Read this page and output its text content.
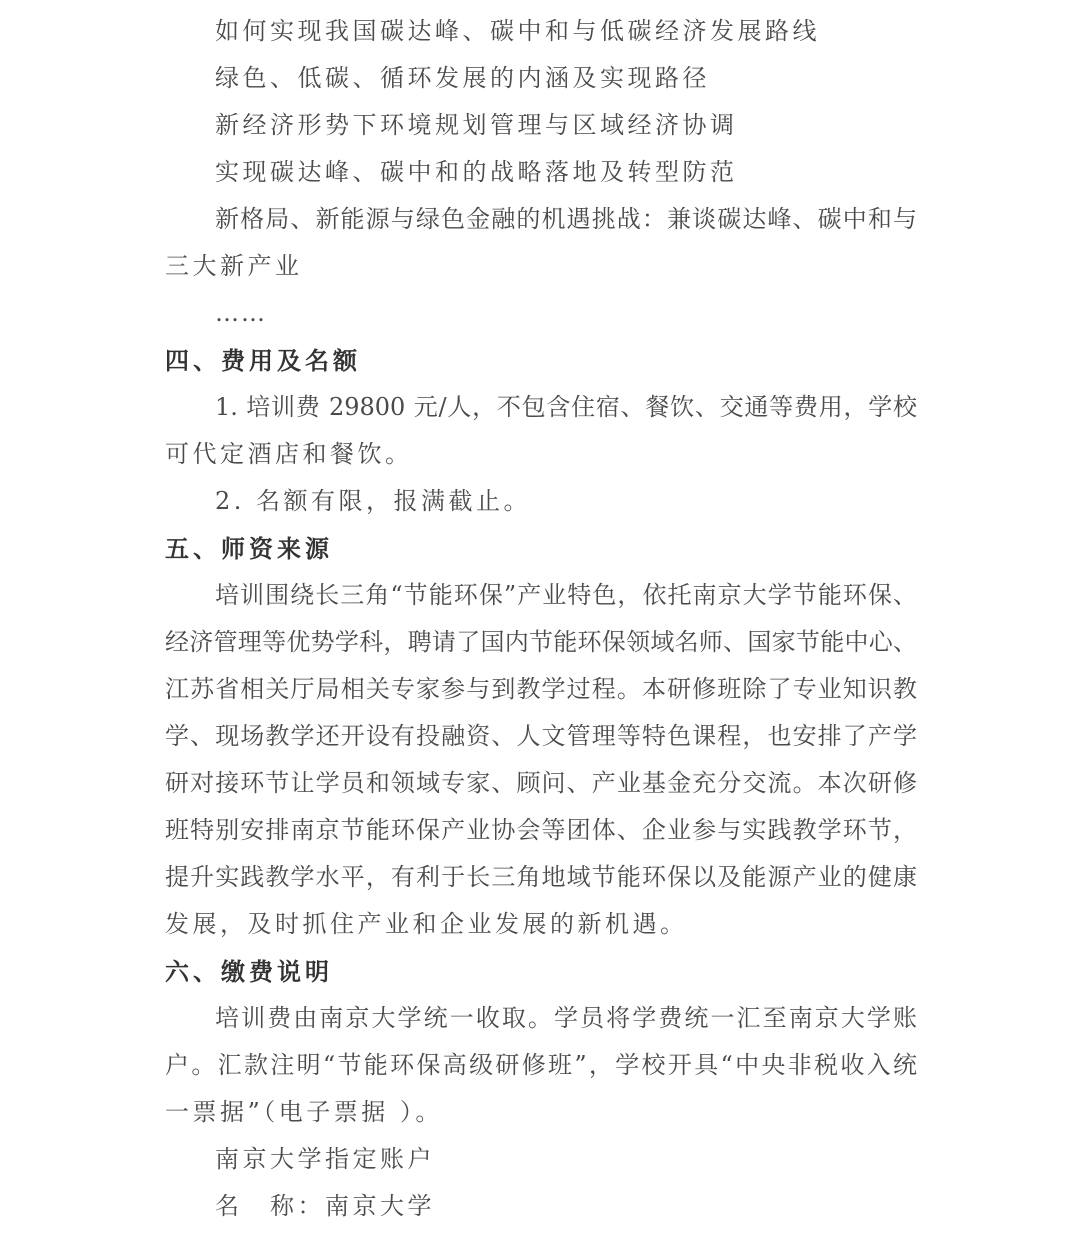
如何实现我国碳达峰、碳中和与低碳经济发展路线
绿色、低碳、循环发展的内涵及实现路径
新经济形势下环境规划管理与区域经济协调
实现碳达峰、碳中和的战略落地及转型防范
新格局、新能源与绿色金融的机遇挑战：兼谈碳达峰、碳中和与
三大新产业
……
四、费用及名额
1. 培训费 29800 元/人，不包含住宿、餐饮、交通等费用，学校
可代定酒店和餐饮。
2. 名额有限，报满截止。
五、师资来源
培训围绕长三角“节能环保”产业特色，依托南京大学节能环保、
经济管理等优势学科，聘请了国内节能环保领域名师、国家节能中心、
江苏省相关厅局相关专家参与到教学过程。本研修班除了专业知识教
学、现场教学还开设有投融资、人文管理等特色课程，也安排了产学
研对接环节让学员和领域专家、顾问、产业基金充分交流。本次研修
班特别安排南京节能环保产业协会等团体、企业参与实践教学环节，
提升实践教学水平，有利于长三角地域节能环保以及能源产业的健康
发展，及时抓住产业和企业发展的新机遇。
六、缴费说明
培训费由南京大学统一收取。学员将学费统一汇至南京大学账
户。汇款注明“节能环保高级研修班”，学校开具“中央非税收入统
一票据”（电子票据 ）。
南京大学指定账户
名　称：南京大学
